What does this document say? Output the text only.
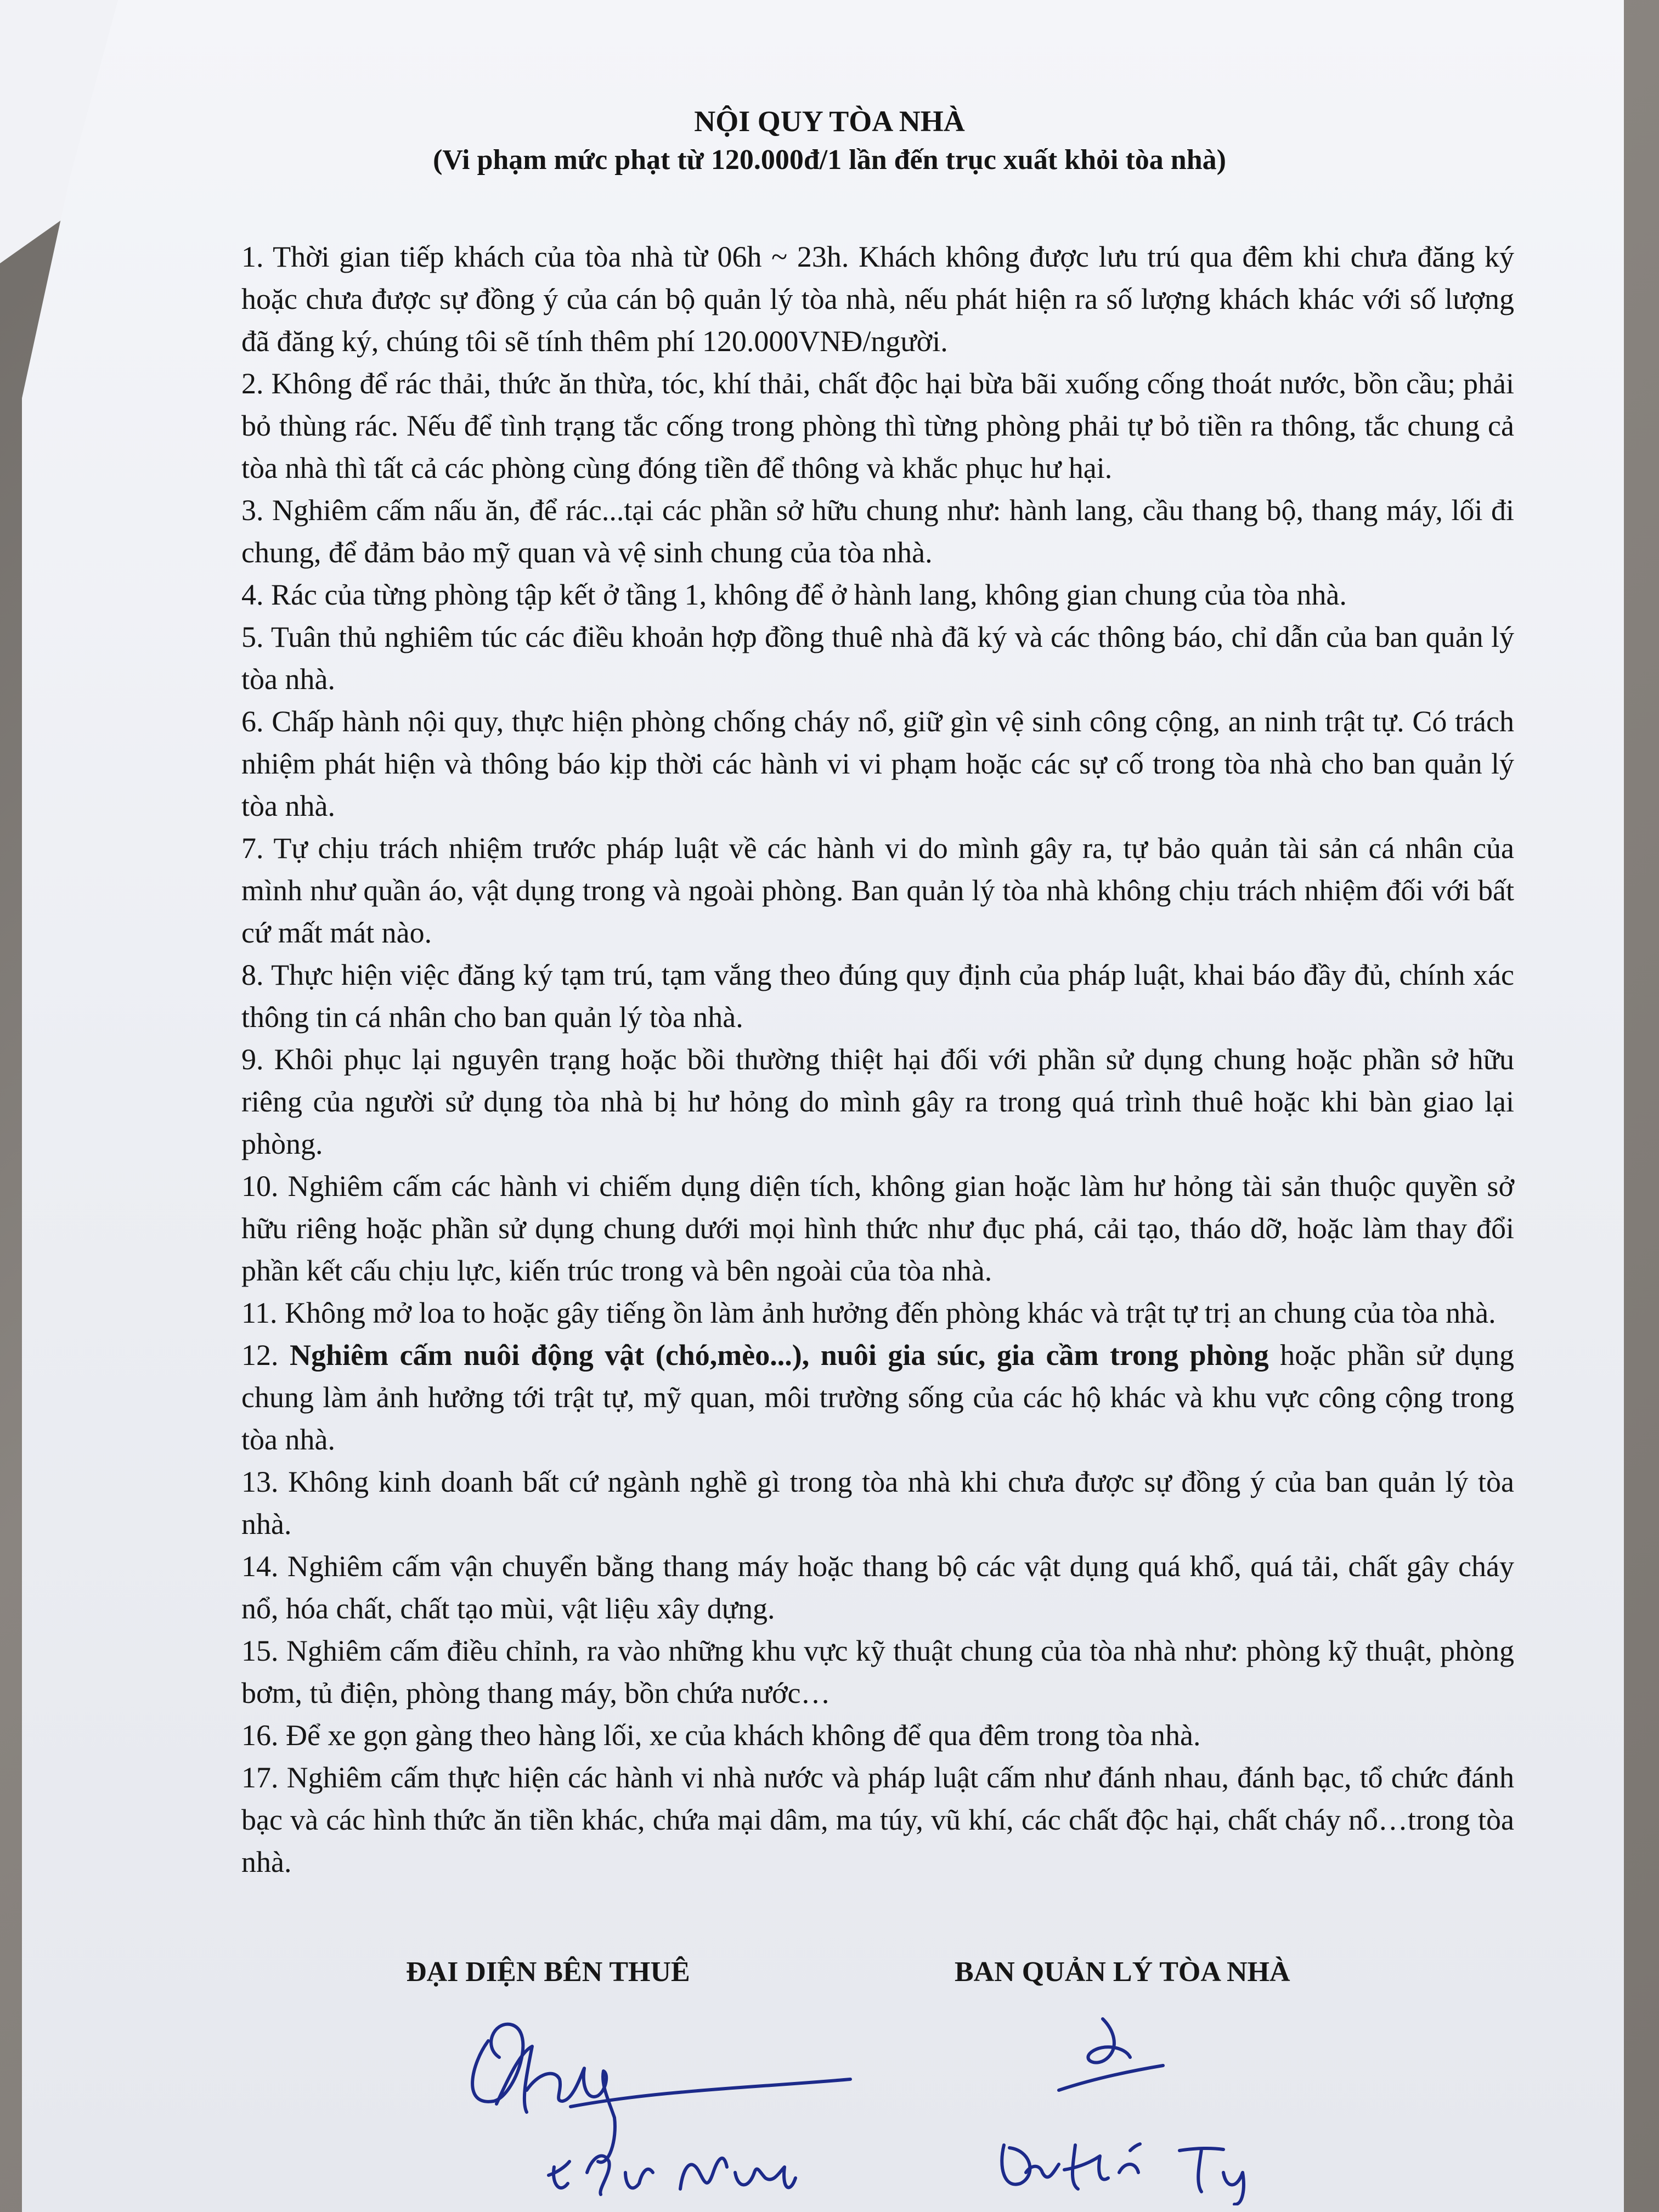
NỘI QUY TÒA NHÀ
(Vi phạm mức phạt từ 120.000đ/1 lần đến trục xuất khỏi tòa nhà)
1. Thời gian tiếp khách của tòa nhà từ 06h ~ 23h. Khách không được lưu trú qua đêm khi chưa đăng ký hoặc chưa được sự đồng ý của cán bộ quản lý tòa nhà, nếu phát hiện ra số lượng khách khác với số lượng đã đăng ký, chúng tôi sẽ tính thêm phí 120.000VNĐ/người.
2. Không để rác thải, thức ăn thừa, tóc, khí thải, chất độc hại bừa bãi xuống cống thoát nước, bồn cầu; phải bỏ thùng rác. Nếu để tình trạng tắc cống trong phòng thì từng phòng phải tự bỏ tiền ra thông, tắc chung cả tòa nhà thì tất cả các phòng cùng đóng tiền để thông và khắc phục hư hại.
3. Nghiêm cấm nấu ăn, để rác...tại các phần sở hữu chung như: hành lang, cầu thang bộ, thang máy, lối đi chung, để đảm bảo mỹ quan và vệ sinh chung của tòa nhà.
4. Rác của từng phòng tập kết ở tầng 1, không để ở hành lang, không gian chung của tòa nhà.
5. Tuân thủ nghiêm túc các điều khoản hợp đồng thuê nhà đã ký và các thông báo, chỉ dẫn của ban quản lý tòa nhà.
6. Chấp hành nội quy, thực hiện phòng chống cháy nổ, giữ gìn vệ sinh công cộng, an ninh trật tự. Có trách nhiệm phát hiện và thông báo kịp thời các hành vi vi phạm hoặc các sự cố trong tòa nhà cho ban quản lý tòa nhà.
7. Tự chịu trách nhiệm trước pháp luật về các hành vi do mình gây ra, tự bảo quản tài sản cá nhân của mình như quần áo, vật dụng trong và ngoài phòng. Ban quản lý tòa nhà không chịu trách nhiệm đối với bất cứ mất mát nào.
8. Thực hiện việc đăng ký tạm trú, tạm vắng theo đúng quy định của pháp luật, khai báo đầy đủ, chính xác thông tin cá nhân cho ban quản lý tòa nhà.
9. Khôi phục lại nguyên trạng hoặc bồi thường thiệt hại đối với phần sử dụng chung hoặc phần sở hữu riêng của người sử dụng tòa nhà bị hư hỏng do mình gây ra trong quá trình thuê hoặc khi bàn giao lại phòng.
10. Nghiêm cấm các hành vi chiếm dụng diện tích, không gian hoặc làm hư hỏng tài sản thuộc quyền sở hữu riêng hoặc phần sử dụng chung dưới mọi hình thức như đục phá, cải tạo, tháo dỡ, hoặc làm thay đổi phần kết cấu chịu lực, kiến trúc trong và bên ngoài của tòa nhà.
11. Không mở loa to hoặc gây tiếng ồn làm ảnh hưởng đến phòng khác và trật tự trị an chung của tòa nhà.
12. Nghiêm cấm nuôi động vật (chó,mèo...), nuôi gia súc, gia cầm trong phòng hoặc phần sử dụng chung làm ảnh hưởng tới trật tự, mỹ quan, môi trường sống của các hộ khác và khu vực công cộng trong tòa nhà.
13. Không kinh doanh bất cứ ngành nghề gì trong tòa nhà khi chưa được sự đồng ý của ban quản lý tòa nhà.
14. Nghiêm cấm vận chuyển bằng thang máy hoặc thang bộ các vật dụng quá khổ, quá tải, chất gây cháy nổ, hóa chất, chất tạo mùi, vật liệu xây dựng.
15. Nghiêm cấm điều chỉnh, ra vào những khu vực kỹ thuật chung của tòa nhà như: phòng kỹ thuật, phòng bơm, tủ điện, phòng thang máy, bồn chứa nước…
16. Để xe gọn gàng theo hàng lối, xe của khách không để qua đêm trong tòa nhà.
17. Nghiêm cấm thực hiện các hành vi nhà nước và pháp luật cấm như đánh nhau, đánh bạc, tổ chức đánh bạc và các hình thức ăn tiền khác, chứa mại dâm, ma túy, vũ khí, các chất độc hại, chất cháy nổ…trong tòa nhà.
ĐẠI DIỆN BÊN THUÊ	BAN QUẢN LÝ TÒA NHÀ
